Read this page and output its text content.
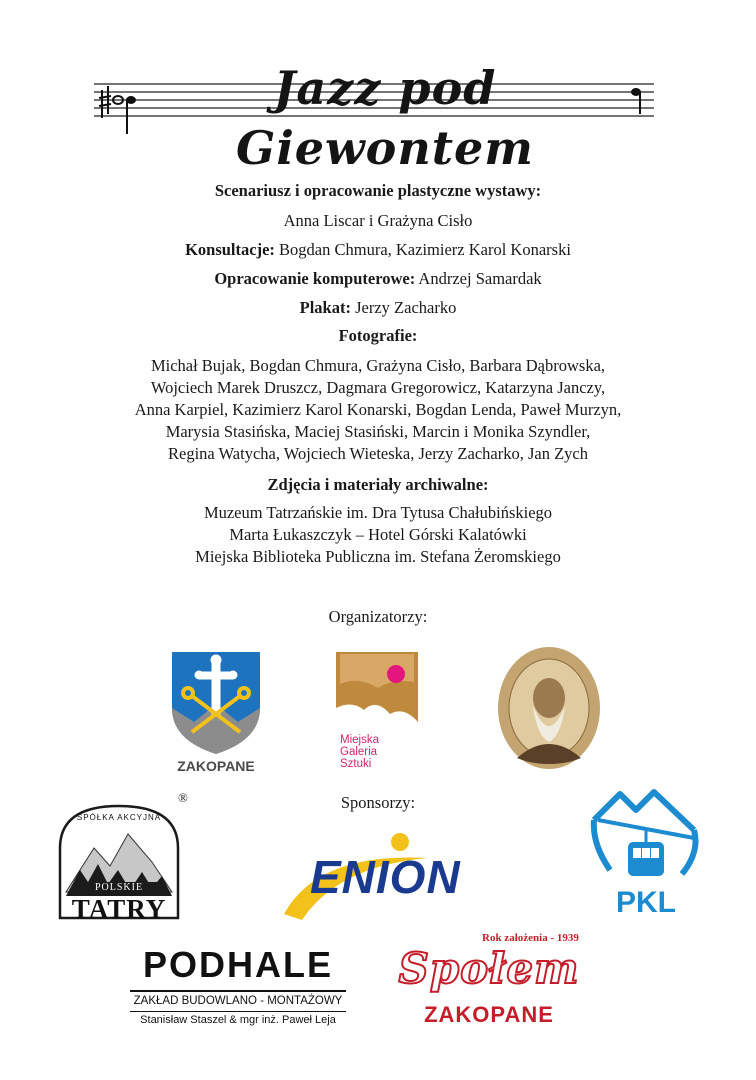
Jazz pod Giewontem
Scenariusz i opracowanie plastyczne wystawy:
Anna Liscar i Grażyna Cisło
Konsultacje: Bogdan Chmura, Kazimierz Karol Konarski
Opracowanie komputerowe: Andrzej Samardak
Plakat: Jerzy Zacharko
Fotografie:
Michał Bujak, Bogdan Chmura, Grażyna Cisło, Barbara Dąbrowska,
Wojciech Marek Druszcz, Dagmara Gregorowicz, Katarzyna Janczy,
Anna Karpiel, Kazimierz Karol Konarski, Bogdan Lenda, Paweł Murzyn,
Marysia Stasińska, Maciej Stasiński, Marcin i Monika Szyndler,
Regina Watycha, Wojciech Wieteska, Jerzy Zacharko, Jan Zych
Zdjęcia i materiały archiwalne:
Muzeum Tatrzańskie im. Dra Tytusa Chałubińskiego
Marta Łukaszczyk – Hotel Górski Kalatówki
Miejska Biblioteka Publiczna im. Stefana Żeromskiego
Organizatorzy:
ZAKOPANE
Miejska
Galeria
Sztuki
Sponsorzy:
SPÓŁKA AKCYJNA
POLSKIE
TATRY
®
ENION	PKL
PODHALE
ZAKŁAD BUDOWLANO - MONTAŻOWY
Stanisław Staszel & mgr inż. Paweł Leja
Rok założenia - 1939
Społem
ZAKOPANE
